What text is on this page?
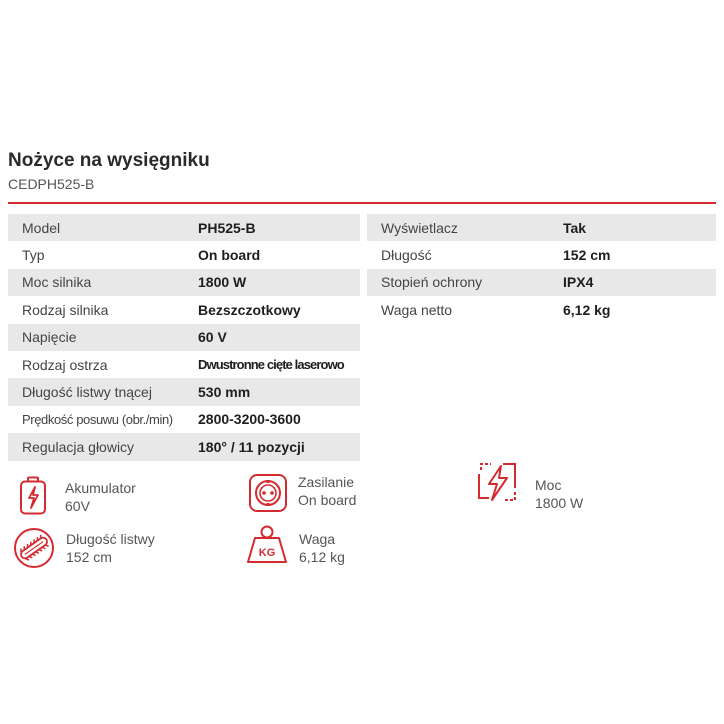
Nożyce na wysięgniku
CEDPH525-B
Model	PH525-B
Typ	On board
Moc silnika	1800 W
Rodzaj silnika	Bezszczotkowy
Napięcie	60 V
Rodzaj ostrza	Dwustronne cięte laserowo
Długość listwy tnącej	530 mm
Prędkość posuwu (obr./min)	2800-3200-3600
Regulacja głowicy	180° / 11 pozycji
Wyświetlacz	Tak
Długość	152 cm
Stopień ochrony	IPX4
Waga netto	6,12 kg
Akumulator
60V
Zasilanie
On board
Moc
1800 W
Długość listwy
152 cm	KG
Waga
6,12 kg
